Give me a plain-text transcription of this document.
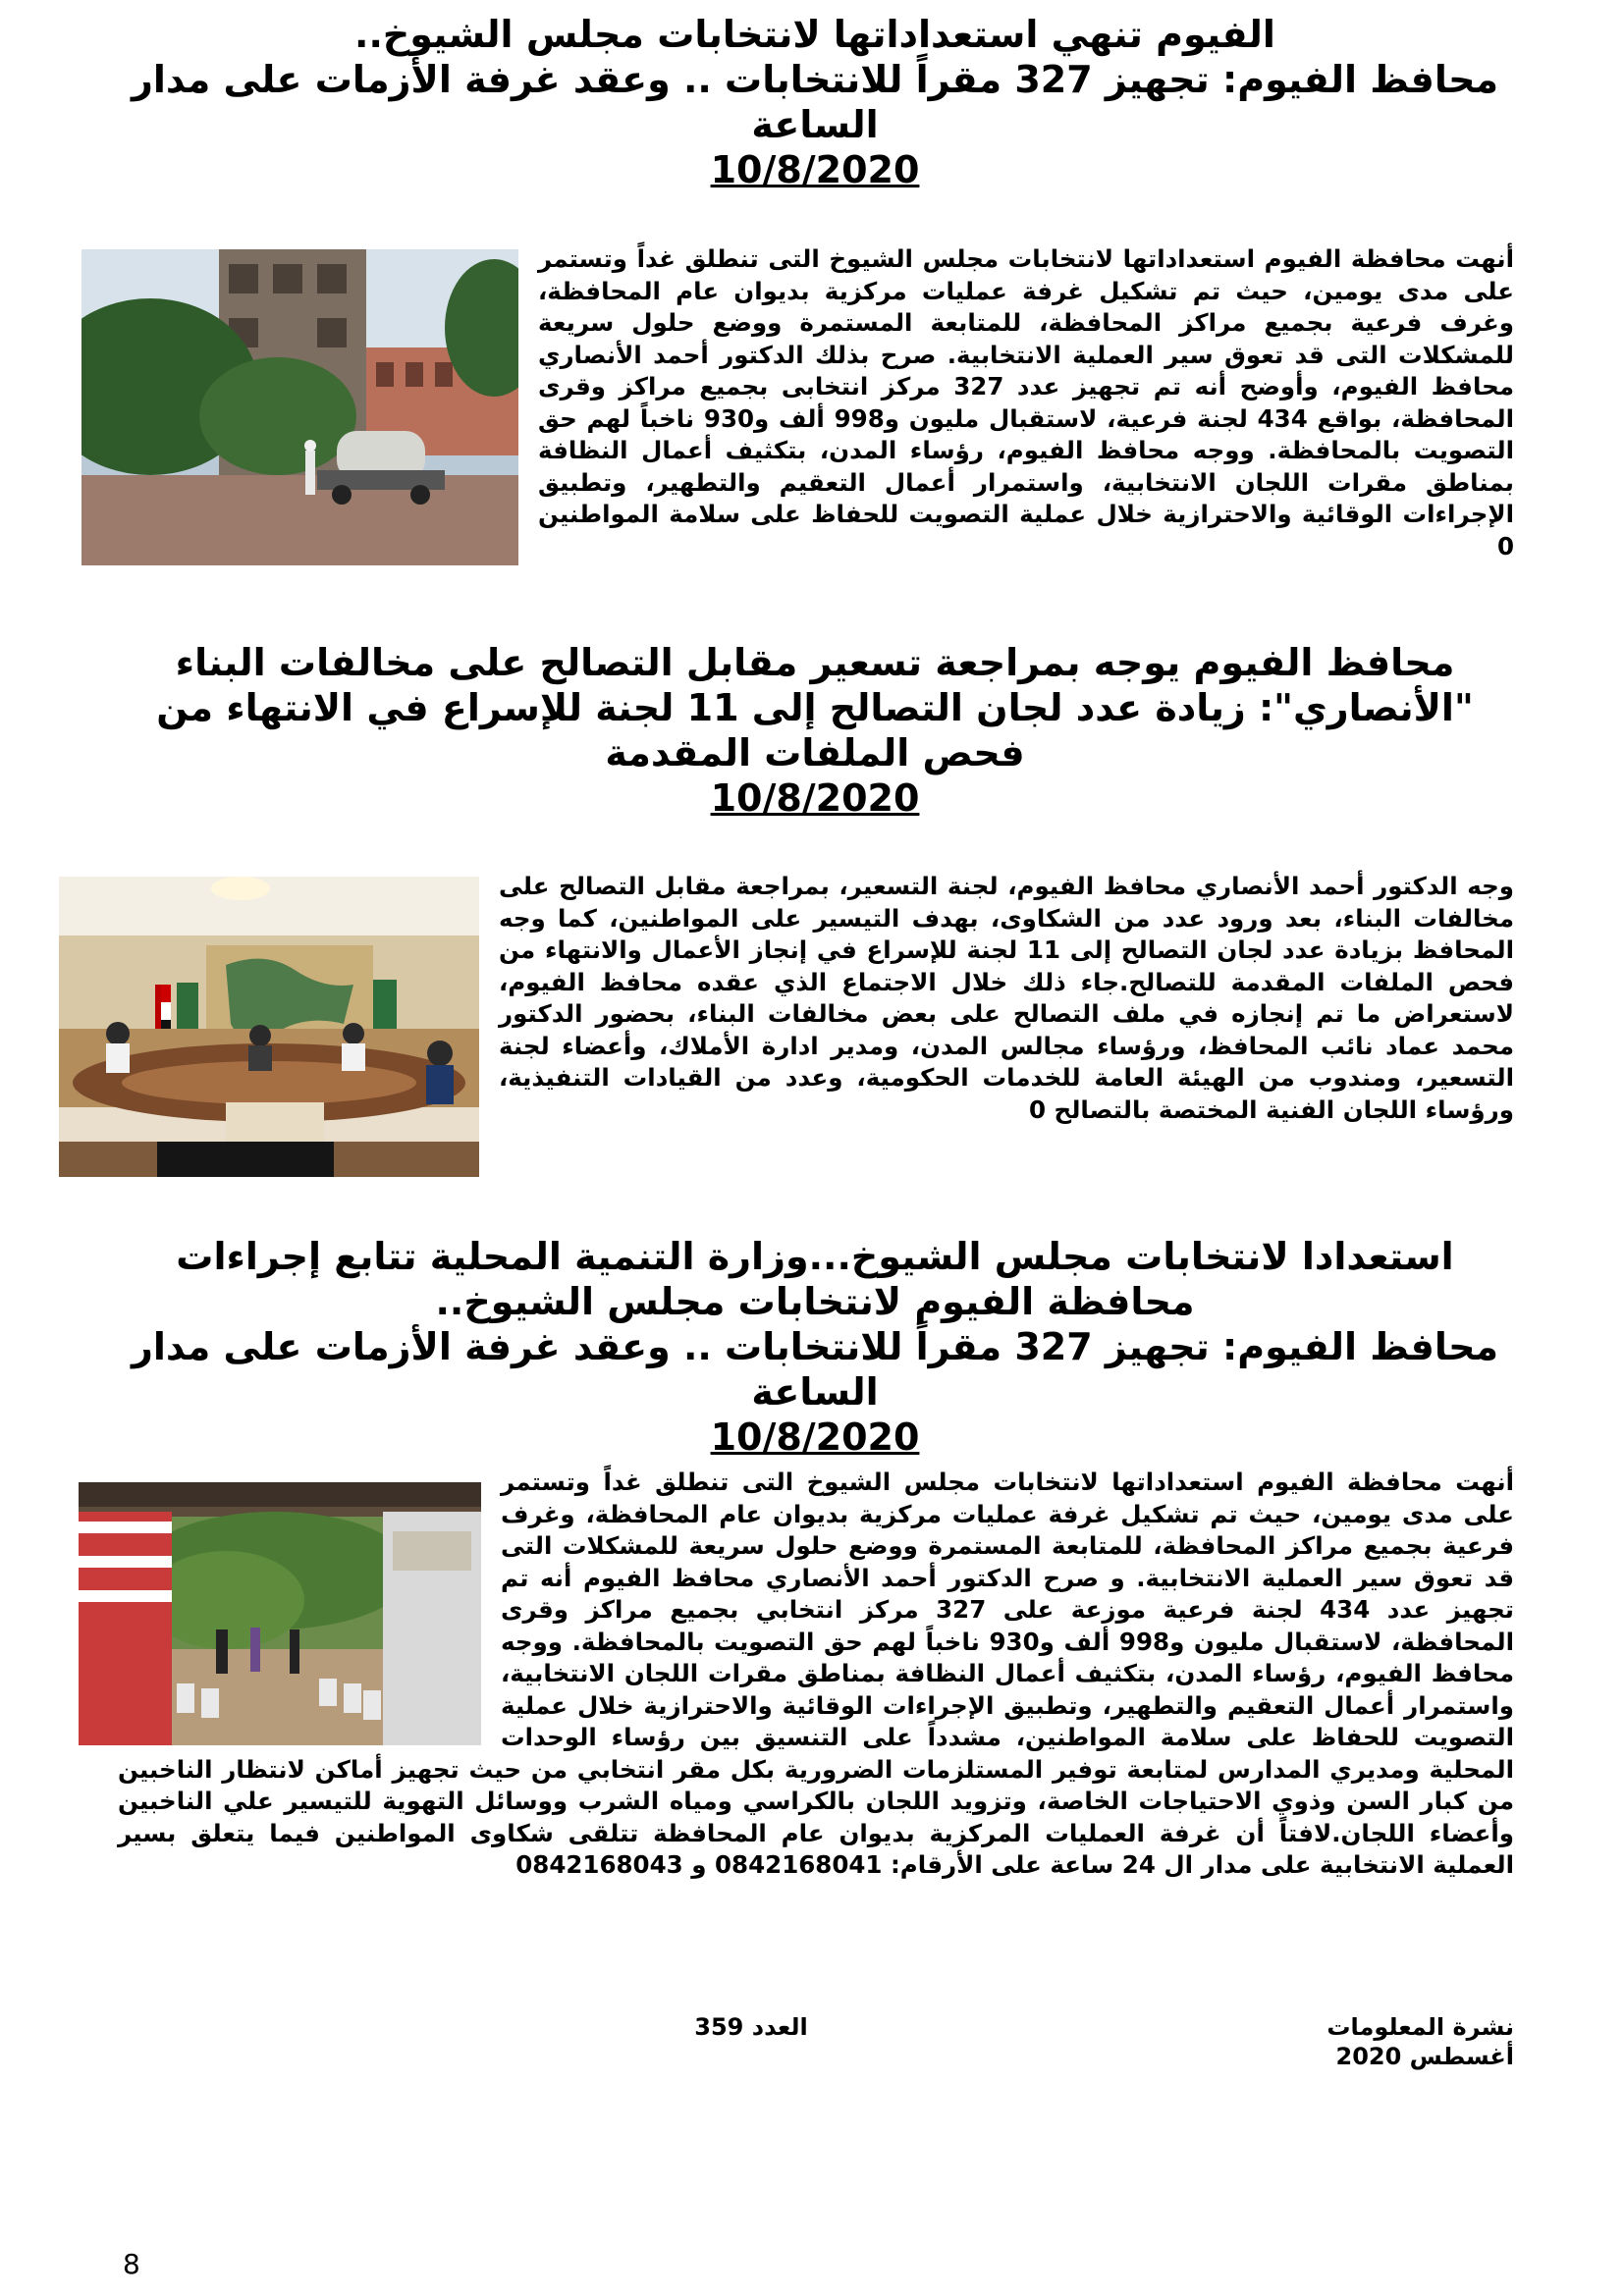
الفيوم تنهي استعداداتها لانتخابات مجلس الشيوخ..
محافظ الفيوم: تجهيز 327 مقراً للانتخابات .. وعقد غرفة الأزمات على مدار الساعة
10/8/2020
أنهت محافظة الفيوم استعداداتها لانتخابات مجلس الشيوخ التى تنطلق غداً وتستمر على مدى يومين، حيث تم تشكيل غرفة عمليات مركزية بديوان عام المحافظة، وغرف فرعية بجميع مراكز المحافظة، للمتابعة المستمرة ووضع حلول سريعة للمشكلات التى قد تعوق سير العملية الانتخابية. صرح بذلك الدكتور أحمد الأنصاري محافظ الفيوم، وأوضح أنه تم تجهيز عدد 327 مركز انتخابى بجميع مراكز وقرى المحافظة، بواقع 434 لجنة فرعية، لاستقبال مليون و998 ألف و930 ناخباً لهم حق التصويت بالمحافظة. ووجه محافظ الفيوم، رؤساء المدن، بتكثيف أعمال النظافة بمناطق مقرات اللجان الانتخابية، واستمرار أعمال التعقيم والتطهير، وتطبيق الإجراءات الوقائية والاحترازية خلال عملية التصويت للحفاظ على سلامة المواطنين 0
محافظ الفيوم يوجه بمراجعة تسعير مقابل التصالح على مخالفات البناء
"الأنصاري": زيادة عدد لجان التصالح إلى 11 لجنة للإسراع في الانتهاء من فحص الملفات المقدمة
10/8/2020
وجه الدكتور أحمد الأنصاري محافظ الفيوم، لجنة التسعير، بمراجعة مقابل التصالح على مخالفات البناء، بعد ورود عدد من الشكاوى، بهدف التيسير على المواطنين، كما وجه المحافظ بزيادة عدد لجان التصالح إلى 11 لجنة للإسراع في إنجاز الأعمال والانتهاء من فحص الملفات المقدمة للتصالح.جاء ذلك خلال الاجتماع الذي عقده محافظ الفيوم، لاستعراض ما تم إنجازه في ملف التصالح على بعض مخالفات البناء، بحضور الدكتور محمد عماد نائب المحافظ، ورؤساء مجالس المدن، ومدير ادارة الأملاك، وأعضاء لجنة التسعير، ومندوب من الهيئة العامة للخدمات الحكومية، وعدد من القيادات التنفيذية، ورؤساء اللجان الفنية المختصة بالتصالح 0
استعدادا لانتخابات مجلس الشيوخ...وزارة التنمية المحلية تتابع إجراءات محافظة الفيوم لانتخابات مجلس الشيوخ..
محافظ الفيوم: تجهيز 327 مقراً للانتخابات .. وعقد غرفة الأزمات على مدار الساعة
10/8/2020
أنهت محافظة الفيوم استعداداتها لانتخابات مجلس الشيوخ التى تنطلق غداً وتستمر على مدى يومين، حيث تم تشكيل غرفة عمليات مركزية بديوان عام المحافظة، وغرف فرعية بجميع مراكز المحافظة، للمتابعة المستمرة ووضع حلول سريعة للمشكلات التى قد تعوق سير العملية الانتخابية. و صرح الدكتور أحمد الأنصاري محافظ الفيوم أنه تم تجهيز عدد 434 لجنة فرعية موزعة على 327 مركز انتخابي بجميع مراكز وقرى المحافظة، لاستقبال مليون و998 ألف و930 ناخباً لهم حق التصويت بالمحافظة. ووجه محافظ الفيوم، رؤساء المدن، بتكثيف أعمال النظافة بمناطق مقرات اللجان الانتخابية، واستمرار أعمال التعقيم والتطهير، وتطبيق الإجراءات الوقائية والاحترازية خلال عملية التصويت للحفاظ على سلامة المواطنين، مشدداً على التنسيق بين رؤساء الوحدات المحلية ومديري المدارس لمتابعة توفير المستلزمات الضرورية بكل مقر انتخابي من حيث تجهيز أماكن لانتظار الناخبين من كبار السن وذوي الاحتياجات الخاصة، وتزويد اللجان بالكراسي ومياه الشرب ووسائل التهوية للتيسير علي الناخبين وأعضاء اللجان.لافتاً أن غرفة العمليات المركزية بديوان عام المحافظة تتلقى شكاوى المواطنين فيما يتعلق بسير العملية الانتخابية على مدار ال 24 ساعة على الأرقام: 0842168041 و 0842168043
نشرة المعلومات
أغسطس 2020
العدد 359
8
